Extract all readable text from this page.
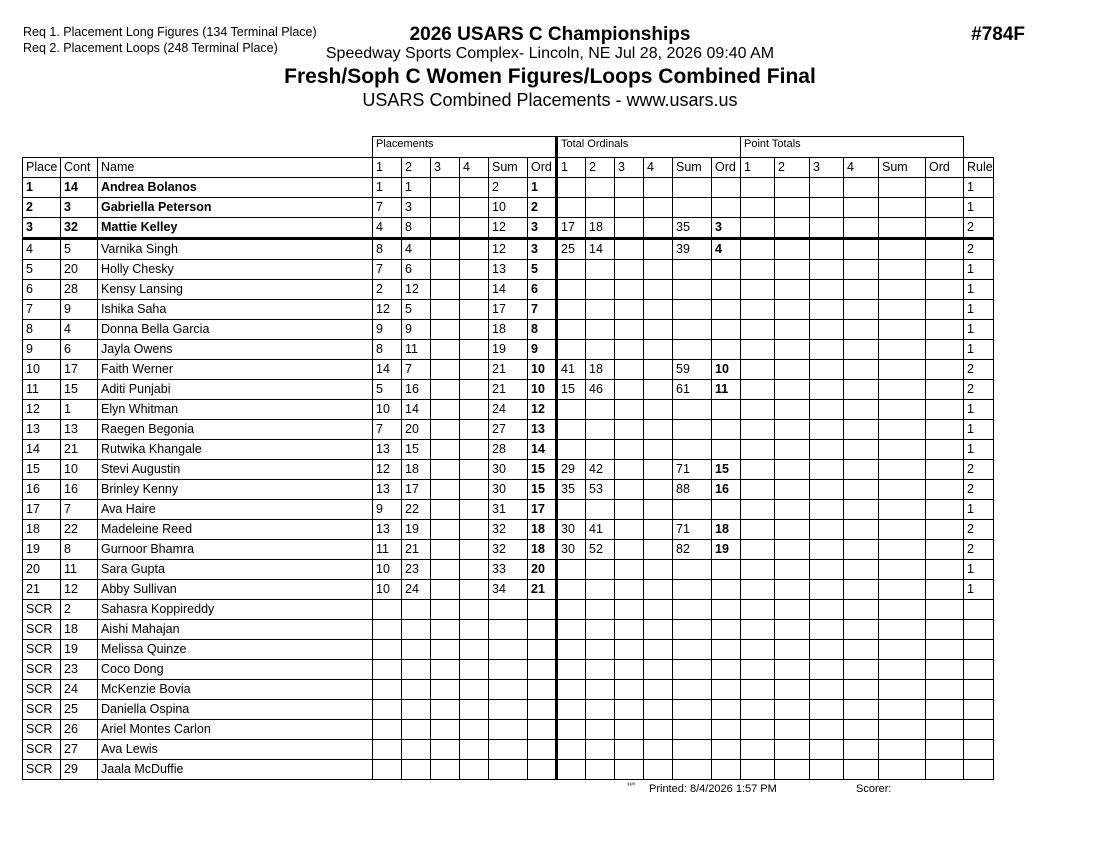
Req 1. Placement Long Figures (134 Terminal Place)
Req 2. Placement Loops (248 Terminal Place)
2026 USARS C Championships	#784F
Speedway Sports Complex- Lincoln, NE Jul 28, 2026 09:40 AM
Fresh/Soph C Women Figures/Loops Combined Final
USARS Combined Placements - www.usars.us
			Placements						Total Ordinals						Point Totals						
Place	Cont	Name	1	2	3	4	Sum	Ord	1	2	3	4	Sum	Ord	1	2	3	4	Sum	Ord	Rule
1	14	Andrea Bolanos	1	1			2	1													1
2	3	Gabriella Peterson	7	3			10	2													1
3	32	Mattie Kelley	4	8			12	3	17	18			35	3							2
4	5	Varnika Singh	8	4			12	3	25	14			39	4							2
5	20	Holly Chesky	7	6			13	5													1
6	28	Kensy Lansing	2	12			14	6													1
7	9	Ishika Saha	12	5			17	7													1
8	4	Donna Bella Garcia	9	9			18	8													1
9	6	Jayla Owens	8	11			19	9													1
10	17	Faith Werner	14	7			21	10	41	18			59	10							2
11	15	Aditi Punjabi	5	16			21	10	15	46			61	11							2
12	1	Elyn Whitman	10	14			24	12													1
13	13	Raegen Begonia	7	20			27	13													1
14	21	Rutwika Khangale	13	15			28	14													1
15	10	Stevi Augustin	12	18			30	15	29	42			71	15							2
16	16	Brinley Kenny	13	17			30	15	35	53			88	16							2
17	7	Ava Haire	9	22			31	17													1
18	22	Madeleine Reed	13	19			32	18	30	41			71	18							2
19	8	Gurnoor Bhamra	11	21			32	18	30	52			82	19							2
20	11	Sara Gupta	10	23			33	20													1
21	12	Abby Sullivan	10	24			34	21													1
SCR	2	Sahasra Koppireddy																			
SCR	18	Aishi Mahajan																			
SCR	19	Melissa Quinze																			
SCR	23	Coco Dong																			
SCR	24	McKenzie Bovia																			
SCR	25	Daniella Ospina																			
SCR	26	Ariel Montes Carlon																			
SCR	27	Ava Lewis																			
SCR	29	Jaala McDuffie																			
³³²⁰ Printed: 8/4/2026 1:57 PM	Scorer:
